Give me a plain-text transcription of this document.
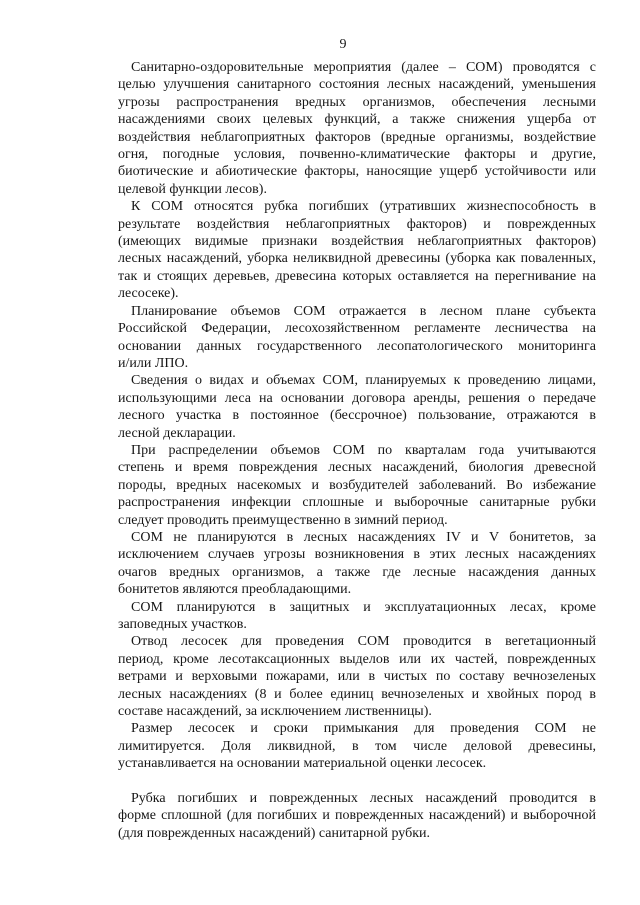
9
Санитарно-оздоровительные мероприятия (далее – СОМ) проводятся с
целью улучшения санитарного состояния лесных насаждений, уменьшения
угрозы распространения вредных организмов, обеспечения лесными
насаждениями своих целевых функций, а также снижения ущерба от
воздействия неблагоприятных факторов (вредные организмы, воздействие
огня, погодные условия, почвенно-климатические факторы и другие,
биотические и абиотические факторы, наносящие ущерб устойчивости или
целевой функции лесов).
К СОМ относятся рубка погибших (утративших жизнеспособность в
результате воздействия неблагоприятных факторов) и поврежденных
(имеющих видимые признаки воздействия неблагоприятных факторов)
лесных насаждений, уборка неликвидной древесины (уборка как поваленных,
так и стоящих деревьев, древесина которых оставляется на перегнивание на
лесосеке).
Планирование объемов СОМ отражается в лесном плане субъекта
Российской Федерации, лесохозяйственном регламенте лесничества на
основании данных государственного лесопатологического мониторинга
и/или ЛПО.
Сведения о видах и объемах СОМ, планируемых к проведению лицами,
использующими леса на основании договора аренды, решения о передаче
лесного участка в постоянное (бессрочное) пользование, отражаются в
лесной декларации.
При распределении объемов СОМ по кварталам года учитываются
степень и время повреждения лесных насаждений, биология древесной
породы, вредных насекомых и возбудителей заболеваний. Во избежание
распространения инфекции сплошные и выборочные санитарные рубки
следует проводить преимущественно в зимний период.
СОМ не планируются в лесных насаждениях IV и V бонитетов, за
исключением случаев угрозы возникновения в этих лесных насаждениях
очагов вредных организмов, а также где лесные насаждения данных
бонитетов являются преобладающими.
СОМ планируются в защитных и эксплуатационных лесах, кроме
заповедных участков.
Отвод лесосек для проведения СОМ проводится в вегетационный
период, кроме лесотаксационных выделов или их частей, поврежденных
ветрами и верховыми пожарами, или в чистых по составу вечнозеленых
лесных насаждениях (8 и более единиц вечнозеленых и хвойных пород в
составе насаждений, за исключением лиственницы).
Размер лесосек и сроки примыкания для проведения СОМ не
лимитируется. Доля ликвидной, в том числе деловой древесины,
устанавливается на основании материальной оценки лесосек.
Рубка погибших и поврежденных лесных насаждений проводится в
форме сплошной (для погибших и поврежденных насаждений) и выборочной
(для поврежденных насаждений) санитарной рубки.
